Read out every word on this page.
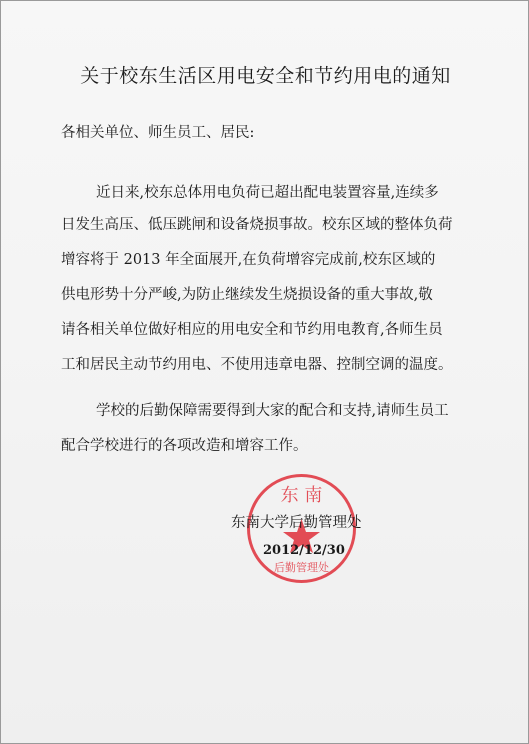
关于校东生活区用电安全和节约用电的通知

各相关单位、师生员工、居民:

近日来,校东总体用电负荷已超出配电装置容量,连续多

日发生高压、低压跳闸和设备烧损事故。校东区域的整体负荷

增容将于 2013 年全面展开,在负荷增容完成前,校东区域的

供电形势十分严峻,为防止继续发生烧损设备的重大事故,敬

请各相关单位做好相应的用电安全和节约用电教育,各师生员

工和居民主动节约用电、不使用违章电器、控制空调的温度。

学校的后勤保障需要得到大家的配合和支持,请师生员工

配合学校进行的各项改造和增容工作。

东 南
后勤管理处

东南大学后勤管理处

2012/12/30
